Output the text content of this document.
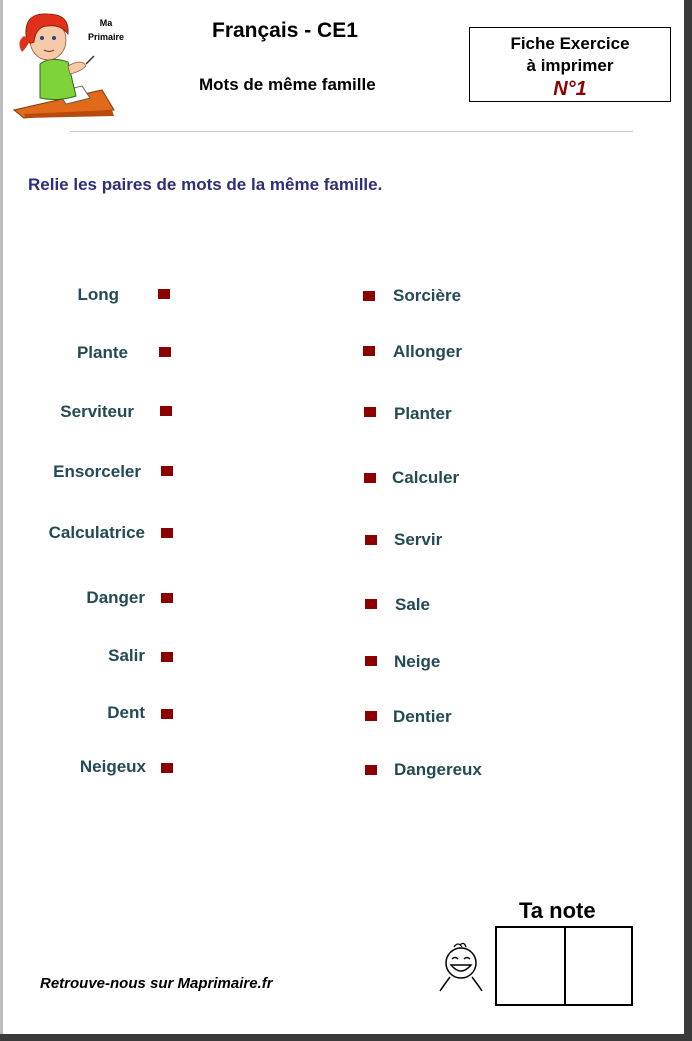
Ma
Primaire	Français - CE1
Mots de même famille
Fiche Exercice
à imprimer
N°1
Relie les paires de mots de la même famille.
Long
Plante
Serviteur
Ensorceler
Calculatrice
Danger
Salir
Dent
Neigeux
Sorcière
Allonger
Planter
Calculer
Servir
Sale
Neige
Dentier
Dangereux
Retrouve-nous sur Maprimaire.fr
Ta note
